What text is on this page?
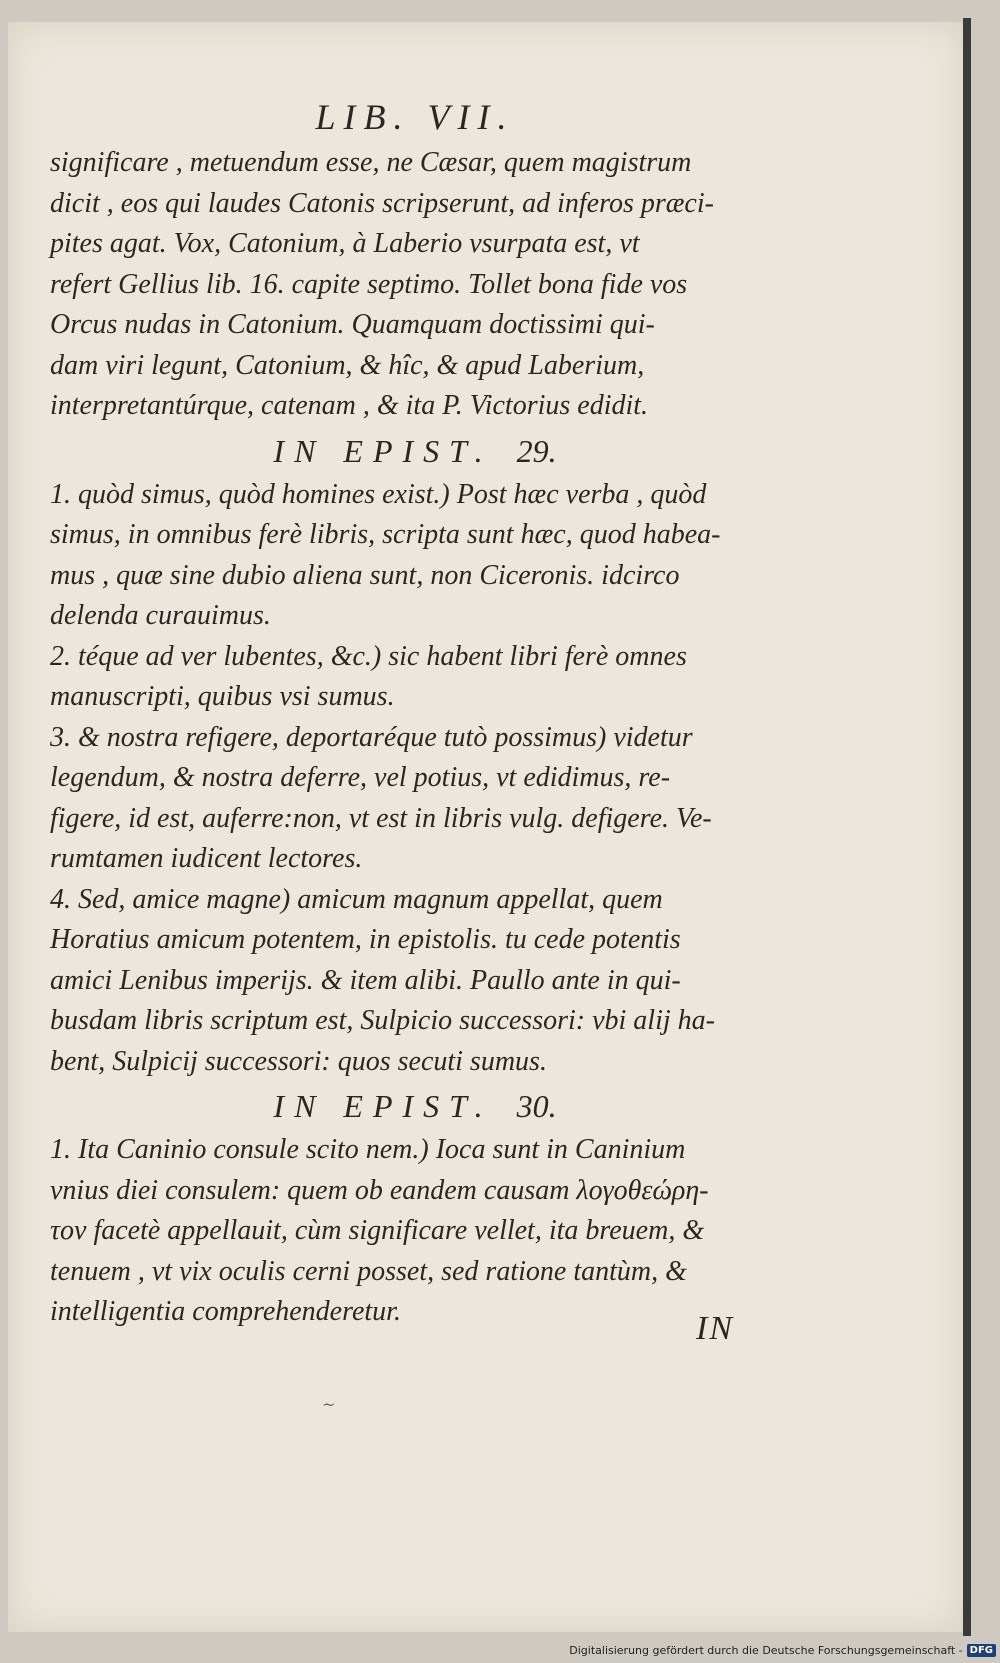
LIB. VII.
significare , metuendum esse, ne Cæsar, quem magistrum
dicit , eos qui laudes Catonis scripserunt, ad inferos præci-
pites agat. Vox, Catonium, à Laberio vsurpata est, vt
refert Gellius lib. 16. capite septimo. Tollet bona fide vos
Orcus nudas in Catonium. Quamquam doctissimi qui-
dam viri legunt, Catonium, & hîc, & apud Laberium,
interpretantúrque, catenam , & ita P. Victorius edidit.
IN EPIST. 29.
1. quòd simus, quòd homines exist.) Post hæc verba , quòd
simus, in omnibus ferè libris, scripta sunt hæc, quod habea-
mus , quæ sine dubio aliena sunt, non Ciceronis. idcirco
delenda curauimus.
2. téque ad ver lubentes, &c.) sic habent libri ferè omnes
manuscripti, quibus vsi sumus.
3. & nostra refigere, deportaréque tutò possimus) videtur
legendum, & nostra deferre, vel potius, vt edidimus, re-
figere, id est, auferre:non, vt est in libris vulg. defigere. Ve-
rumtamen iudicent lectores.
4. Sed, amice magne) amicum magnum appellat, quem
Horatius amicum potentem, in epistolis. tu cede potentis
amici Lenibus imperijs. & item alibi. Paullo ante in qui-
busdam libris scriptum est, Sulpicio successori: vbi alij ha-
bent, Sulpicij successori: quos secuti sumus.
IN EPIST. 30.
1. Ita Caninio consule scito nem.) Ioca sunt in Caninium
vnius diei consulem: quem ob eandem causam λογοθεώρη-
τον facetè appellauit, cùm significare vellet, ita breuem, &
tenuem , vt vix oculis cerni posset, sed ratione tantùm, &
intelligentia comprehenderetur.	IN
~
Digitalisierung gefördert durch die Deutsche Forschungsgemeinschaft - DFG
